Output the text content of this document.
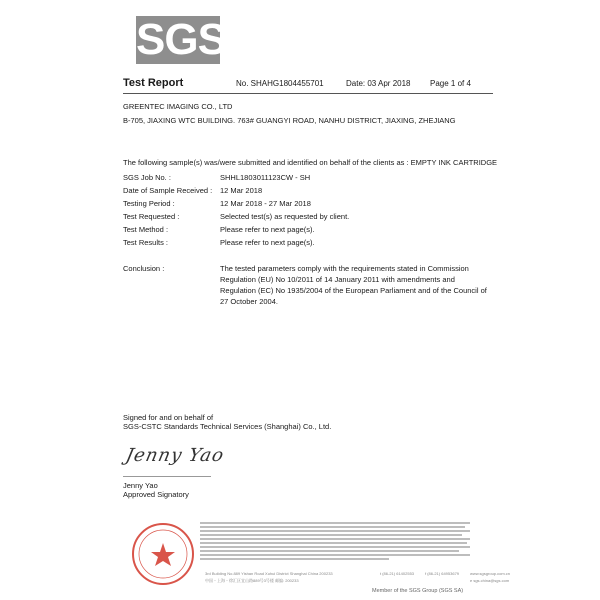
SGS
Test Report	No. SHAHG1804455701	Date: 03 Apr 2018 Page 1 of 4
GREENTEC IMAGING CO., LTD
B-705, JIAXING WTC BUILDING. 763# GUANGYI ROAD, NANHU DISTRICT, JIAXING, ZHEJIANG
The following sample(s) was/were submitted and identified on behalf of the clients as : EMPTY INK CARTRIDGE
SGS Job No. :	SHHL1803011123CW - SH
Date of Sample Received : 12 Mar 2018
Testing Period :	12 Mar 2018 - 27 Mar 2018
Test Requested :	Selected test(s) as requested by client.
Test Method :	Please refer to next page(s).
Test Results :	Please refer to next page(s).
Conclusion :	The tested parameters comply with the requirements stated in Commission Regulation (EU) No 10/2011 of 14 January 2011 with amendments and Regulation (EC) No 1935/2004 of the European Parliament and of the Council of 27 October 2004.
Signed for and on behalf of
SGS-CSTC Standards Technical Services (Shanghai) Co., Ltd.
Jenny Yao
Jenny Yao
Approved Signatory
3rd Building No.889 Yishan Road Xuhui District Shanghai China 200233
中国・上海・徐汇区宜山路889号3号楼 邮编: 200233
t (86-21) 61402553	f (86-21) 64953679	www.sgsgroup.com.cn
e sgs.china@sgs.com
Member of the SGS Group (SGS SA)
